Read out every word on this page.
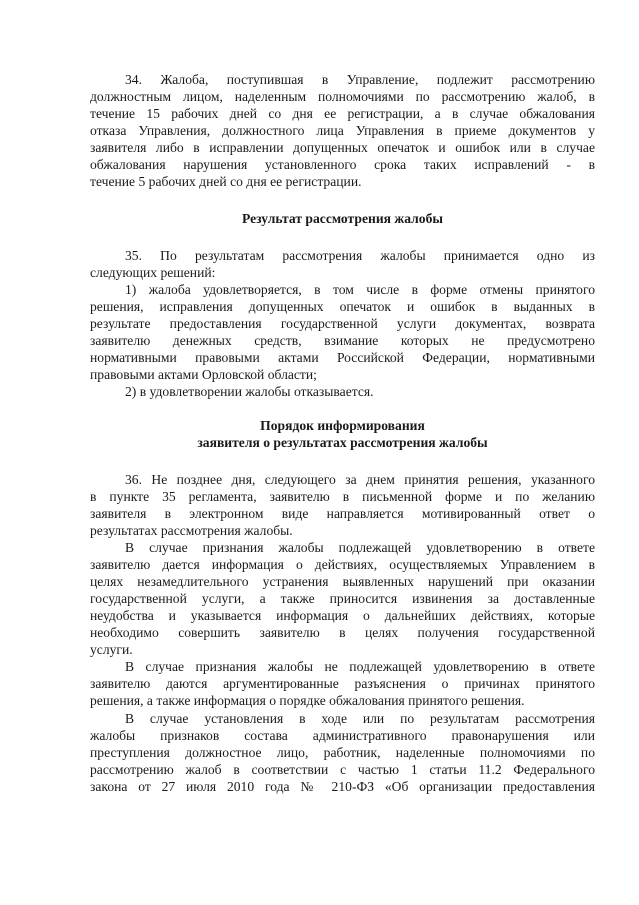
34. Жалоба, поступившая в Управление, подлежит рассмотрению
должностным лицом, наделенным полномочиями по рассмотрению жалоб, в
течение 15 рабочих дней со дня ее регистрации, а в случае обжалования
отказа Управления, должностного лица Управления в приеме документов у
заявителя либо в исправлении допущенных опечаток и ошибок или в случае
обжалования нарушения установленного срока таких исправлений - в
течение 5 рабочих дней со дня ее регистрации.
Результат рассмотрения жалобы
35. По результатам рассмотрения жалобы принимается одно из
следующих решений:
1) жалоба удовлетворяется, в том числе в форме отмены принятого
решения, исправления допущенных опечаток и ошибок в выданных в
результате предоставления государственной услуги документах, возврата
заявителю денежных средств, взимание которых не предусмотрено
нормативными правовыми актами Российской Федерации, нормативными
правовыми актами Орловской области;
2) в удовлетворении жалобы отказывается.
Порядок информирования
заявителя о результатах рассмотрения жалобы
36. Не позднее дня, следующего за днем принятия решения, указанного
в пункте 35 регламента, заявителю в письменной форме и по желанию
заявителя в электронном виде направляется мотивированный ответ о
результатах рассмотрения жалобы.
В случае признания жалобы подлежащей удовлетворению в ответе
заявителю дается информация о действиях, осуществляемых Управлением в
целях незамедлительного устранения выявленных нарушений при оказании
государственной услуги, а также приносится извинения за доставленные
неудобства и указывается информация о дальнейших действиях, которые
необходимо совершить заявителю в целях получения государственной
услуги.
В случае признания жалобы не подлежащей удовлетворению в ответе
заявителю даются аргументированные разъяснения о причинах принятого
решения, а также информация о порядке обжалования принятого решения.
В случае установления в ходе или по результатам рассмотрения
жалобы признаков состава административного правонарушения или
преступления должностное лицо, работник, наделенные полномочиями по
рассмотрению жалоб в соответствии с частью 1 статьи 11.2 Федерального
закона от 27 июля 2010 года № 210-ФЗ «Об организации предоставления
